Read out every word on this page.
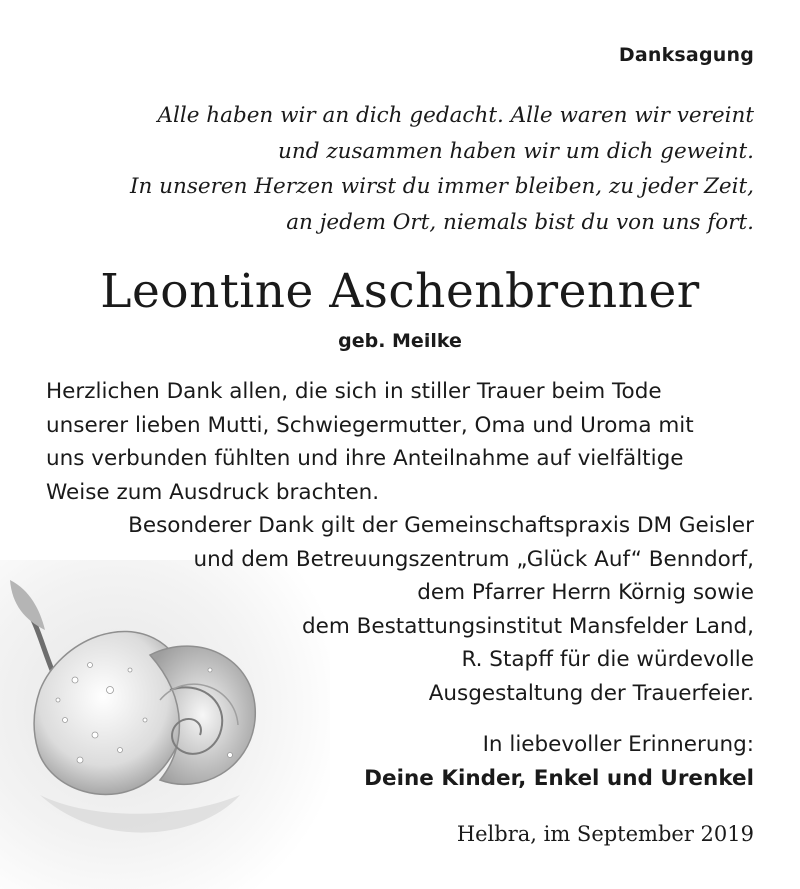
Danksagung
Alle haben wir an dich gedacht. Alle waren wir vereint
und zusammen haben wir um dich geweint.
In unseren Herzen wirst du immer bleiben, zu jeder Zeit,
an jedem Ort, niemals bist du von uns fort.
Leontine Aschenbrenner
geb. Meilke
Herzlichen Dank allen, die sich in stiller Trauer beim Tode
unserer lieben Mutti, Schwiegermutter, Oma und Uroma mit
uns verbunden fühlten und ihre Anteilnahme auf vielfältige
Weise zum Ausdruck brachten.
Besonderer Dank gilt der Gemeinschaftspraxis DM Geisler
und dem Betreuungszentrum „Glück Auf“ Benndorf,
dem Pfarrer Herrn Körnig sowie
dem Bestattungsinstitut Mansfelder Land,
R. Stapff für die würdevolle
Ausgestaltung der Trauerfeier.
In liebevoller Erinnerung:
Deine Kinder, Enkel und Urenkel
Helbra, im September 2019
